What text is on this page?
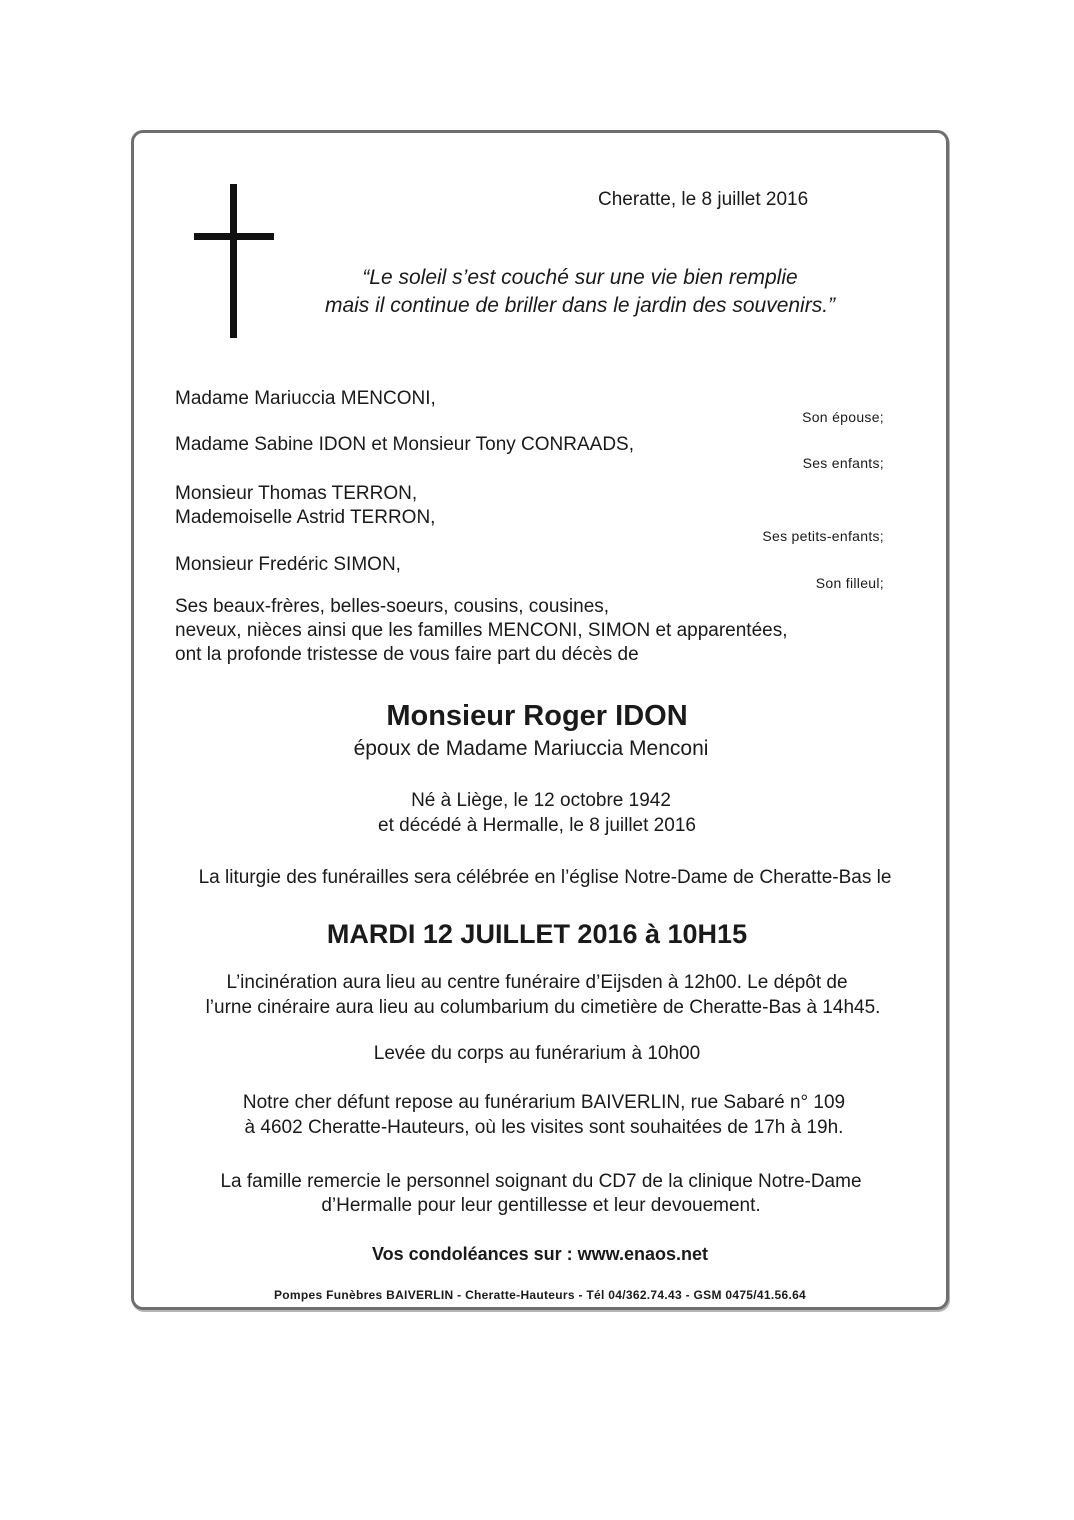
Cheratte, le 8 juillet 2016
“Le soleil s’est couché sur une vie bien remplie
mais il continue de briller dans le jardin des souvenirs.”
Madame Mariuccia MENCONI,
Son épouse;
Madame Sabine IDON et Monsieur Tony CONRAADS,
Ses enfants;
Monsieur Thomas TERRON,
Mademoiselle Astrid TERRON,
Ses petits-enfants;
Monsieur Fredéric SIMON,
Son filleul;
Ses beaux-frères, belles-soeurs, cousins, cousines,
neveux, nièces ainsi que les familles MENCONI, SIMON et apparentées,
ont la profonde tristesse de vous faire part du décès de
Monsieur Roger IDON
époux de Madame Mariuccia Menconi
Né à Liège, le 12 octobre 1942
et décédé à Hermalle, le 8 juillet 2016
La liturgie des funérailles sera célébrée en l’église Notre-Dame de Cheratte-Bas le
MARDI 12 JUILLET 2016 à 10H15
L’incinération aura lieu au centre funéraire d’Eijsden à 12h00. Le dépôt de
l’urne cinéraire aura lieu au columbarium du cimetière de Cheratte-Bas à 14h45.
Levée du corps au funérarium à 10h00
Notre cher défunt repose au funérarium BAIVERLIN, rue Sabaré n° 109
à 4602 Cheratte-Hauteurs, où les visites sont souhaitées de 17h à 19h.
La famille remercie le personnel soignant du CD7 de la clinique Notre-Dame
d’Hermalle pour leur gentillesse et leur devouement.
Vos condoléances sur : www.enaos.net
Pompes Funèbres BAIVERLIN - Cheratte-Hauteurs - Tél 04/362.74.43 - GSM 0475/41.56.64
